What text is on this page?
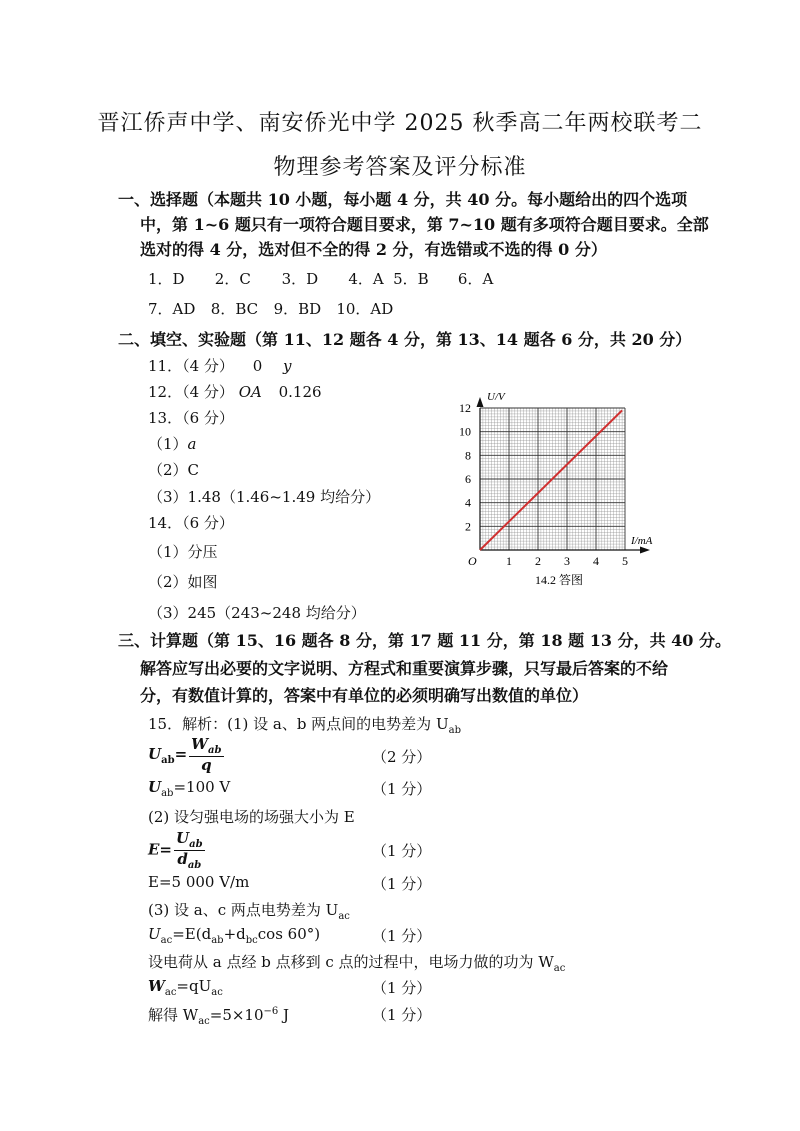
晋江侨声中学、南安侨光中学 2025 秋季高二年两校联考二
物理参考答案及评分标准
一、选择题（本题共 10 小题，每小题 4 分，共 40 分。每小题给出的四个选项
中，第 1~6 题只有一项符合题目要求，第 7~10 题有多项符合题目要求。全部
选对的得 4 分，选对但不全的得 2 分，有选错或不选的得 0 分）
1．D 2．C 3．D 4．A 5．B 6．A
7．AD 8．BC 9．BD 10．AD
二、填空、实验题（第 11、12 题各 4 分，第 13、14 题各 6 分，共 20 分）
11．（4 分） 0 y
12．（4 分） OA 0.126
13．（6 分）
（1）a
（2）C
（3）1.48（1.46~1.49 均给分）
14．（6 分）
（1）分压
（2）如图
（3）245（243~248 均给分）
U/V
I/mA
O 1 2 3 4 5
2
4
6
8
10
12
14.2 答图
三、计算题（第 15、16 题各 8 分，第 17 题 11 分，第 18 题 13 分，共 40 分。
解答应写出必要的文字说明、方程式和重要演算步骤，只写最后答案的不给
分，有数值计算的，答案中有单位的必须明确写出数值的单位）
15．解析：(1) 设 a、b 两点间的电势差为 $U_{ab}$
$U_{ab}= \frac{W_{ab}}{q}$	（2 分）
$U_{ab}=100$ V	（1 分）
(2) 设匀强电场的场强大小为 E
$E= \frac{U_{ab}}{d_{ab}}$	（1 分）
E=5 000 V/m	（1 分）
(3) 设 a、c 两点电势差为 $U_{ac}$
$U_{ac}=E(d_{ab}+d_{bc}\cos$ 60°)	（1 分）
设电荷从 a 点经 b 点移到 c 点的过程中，电场力做的功为 $W_{ac}$
$W_{ac}=qU_{ac}$	（1 分）
解得 $W_{ac}=5\times 10^{-6}$ J	（1 分）
